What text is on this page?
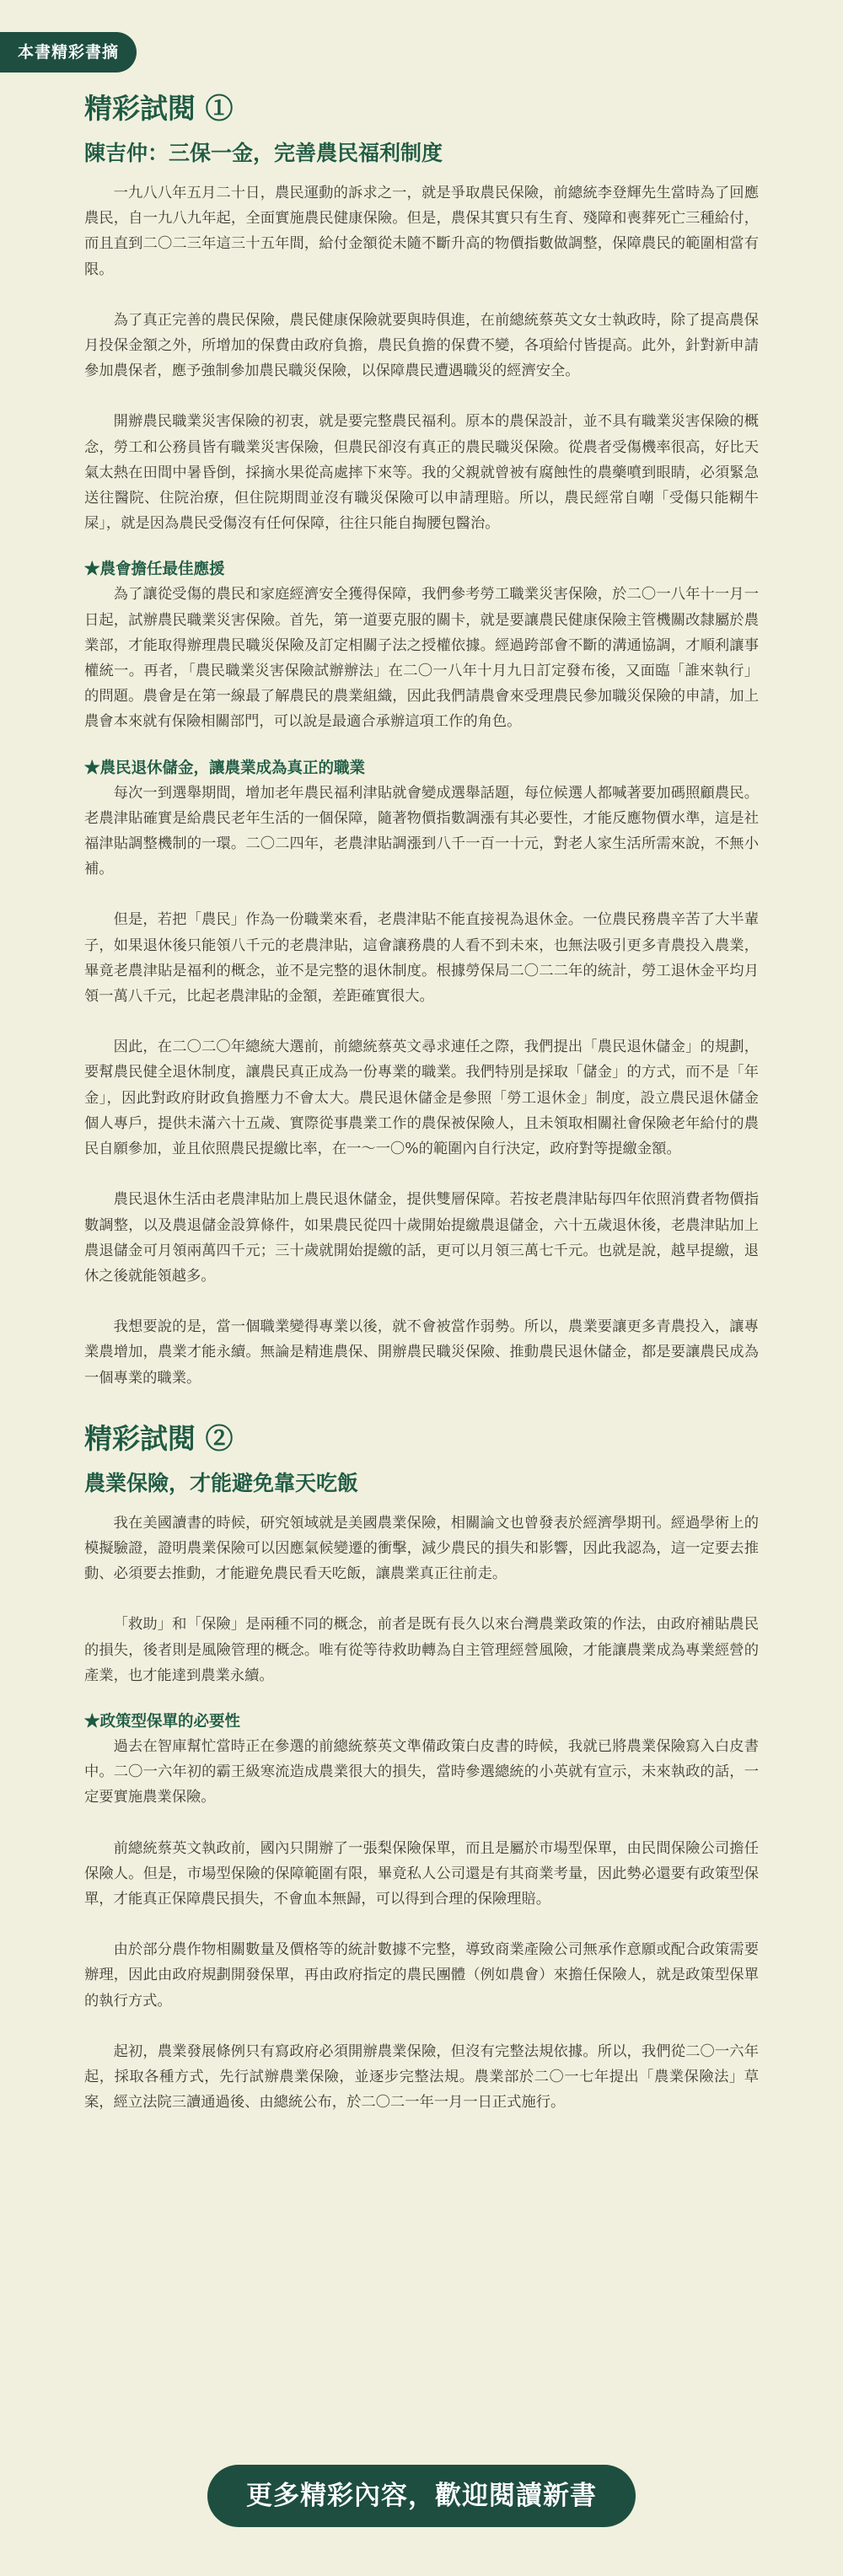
本書精彩書摘
精彩試閱 ①
陳吉仲：三保一金，完善農民福利制度

一九八八年五月二十日，農民運動的訴求之一，就是爭取農民保險，前總統李登輝先生當時為了回應農民，自一九八九年起，全面實施農民健康保險。但是，農保其實只有生育、殘障和喪葬死亡三種給付，而且直到二〇二三年這三十五年間，給付金額從未隨不斷升高的物價指數做調整，保障農民的範圍相當有限。

為了真正完善的農民保險，農民健康保險就要與時俱進，在前總統蔡英文女士執政時，除了提高農保月投保金額之外，所增加的保費由政府負擔，農民負擔的保費不變，各項給付皆提高。此外，針對新申請參加農保者，應予強制參加農民職災保險，以保障農民遭遇職災的經濟安全。

開辦農民職業災害保險的初衷，就是要完整農民福利。原本的農保設計，並不具有職業災害保險的概念，勞工和公務員皆有職業災害保險，但農民卻沒有真正的農民職災保險。從農者受傷機率很高，好比天氣太熱在田間中暑昏倒，採摘水果從高處摔下來等。我的父親就曾被有腐蝕性的農藥噴到眼睛，必須緊急送往醫院、住院治療，但住院期間並沒有職災保險可以申請理賠。所以，農民經常自嘲「受傷只能糊牛屎」，就是因為農民受傷沒有任何保障，往往只能自掏腰包醫治。

★農會擔任最佳應援

為了讓從受傷的農民和家庭經濟安全獲得保障，我們參考勞工職業災害保險，於二〇一八年十一月一日起，試辦農民職業災害保險。首先，第一道要克服的關卡，就是要讓農民健康保險主管機關改隸屬於農業部，才能取得辦理農民職災保險及訂定相關子法之授權依據。經過跨部會不斷的溝通協調，才順利讓事權統一。再者，「農民職業災害保險試辦辦法」在二〇一八年十月九日訂定發布後，又面臨「誰來執行」的問題。農會是在第一線最了解農民的農業組織，因此我們請農會來受理農民參加職災保險的申請，加上農會本來就有保險相關部門，可以說是最適合承辦這項工作的角色。

★農民退休儲金，讓農業成為真正的職業

每次一到選舉期間，增加老年農民福利津貼就會變成選舉話題，每位候選人都喊著要加碼照顧農民。老農津貼確實是給農民老年生活的一個保障，隨著物價指數調漲有其必要性，才能反應物價水準，這是社福津貼調整機制的一環。二〇二四年，老農津貼調漲到八千一百一十元，對老人家生活所需來說，不無小補。

但是，若把「農民」作為一份職業來看，老農津貼不能直接視為退休金。一位農民務農辛苦了大半輩子，如果退休後只能領八千元的老農津貼，這會讓務農的人看不到未來，也無法吸引更多青農投入農業，畢竟老農津貼是福利的概念，並不是完整的退休制度。根據勞保局二〇二二年的統計，勞工退休金平均月領一萬八千元，比起老農津貼的金額，差距確實很大。

因此，在二〇二〇年總統大選前，前總統蔡英文尋求連任之際，我們提出「農民退休儲金」的規劃，要幫農民健全退休制度，讓農民真正成為一份專業的職業。我們特別是採取「儲金」的方式，而不是「年金」，因此對政府財政負擔壓力不會太大。農民退休儲金是參照「勞工退休金」制度，設立農民退休儲金個人專戶，提供未滿六十五歲、實際從事農業工作的農保被保險人，且未領取相關社會保險老年給付的農民自願參加，並且依照農民提繳比率，在一～一〇%的範圍內自行決定，政府對等提繳金額。

農民退休生活由老農津貼加上農民退休儲金，提供雙層保障。若按老農津貼每四年依照消費者物價指數調整，以及農退儲金設算條件，如果農民從四十歲開始提繳農退儲金，六十五歲退休後，老農津貼加上農退儲金可月領兩萬四千元；三十歲就開始提繳的話，更可以月領三萬七千元。也就是說，越早提繳，退休之後就能領越多。

我想要說的是，當一個職業變得專業以後，就不會被當作弱勢。所以，農業要讓更多青農投入，讓專業農增加，農業才能永續。無論是精進農保、開辦農民職災保險、推動農民退休儲金，都是要讓農民成為一個專業的職業。

精彩試閱 ②
農業保險，才能避免靠天吃飯

我在美國讀書的時候，研究領域就是美國農業保險，相關論文也曾發表於經濟學期刊。經過學術上的模擬驗證，證明農業保險可以因應氣候變遷的衝擊，減少農民的損失和影響，因此我認為，這一定要去推動、必須要去推動，才能避免農民看天吃飯，讓農業真正往前走。

「救助」和「保險」是兩種不同的概念，前者是既有長久以來台灣農業政策的作法，由政府補貼農民的損失，後者則是風險管理的概念。唯有從等待救助轉為自主管理經營風險，才能讓農業成為專業經營的產業，也才能達到農業永續。

★政策型保單的必要性

過去在智庫幫忙當時正在參選的前總統蔡英文準備政策白皮書的時候，我就已將農業保險寫入白皮書中。二〇一六年初的霸王級寒流造成農業很大的損失，當時參選總統的小英就有宣示，未來執政的話，一定要實施農業保險。

前總統蔡英文執政前，國內只開辦了一張梨保險保單，而且是屬於市場型保單，由民間保險公司擔任保險人。但是，市場型保險的保障範圍有限，畢竟私人公司還是有其商業考量，因此勢必還要有政策型保單，才能真正保障農民損失，不會血本無歸，可以得到合理的保險理賠。

由於部分農作物相關數量及價格等的統計數據不完整，導致商業產險公司無承作意願或配合政策需要辦理，因此由政府規劃開發保單，再由政府指定的農民團體（例如農會）來擔任保險人，就是政策型保單的執行方式。

起初，農業發展條例只有寫政府必須開辦農業保險，但沒有完整法規依據。所以，我們從二〇一六年起，採取各種方式，先行試辦農業保險，並逐步完整法規。農業部於二〇一七年提出「農業保險法」草案，經立法院三讀通過後、由總統公布，於二〇二一年一月一日正式施行。

更多精彩內容，歡迎閱讀新書
